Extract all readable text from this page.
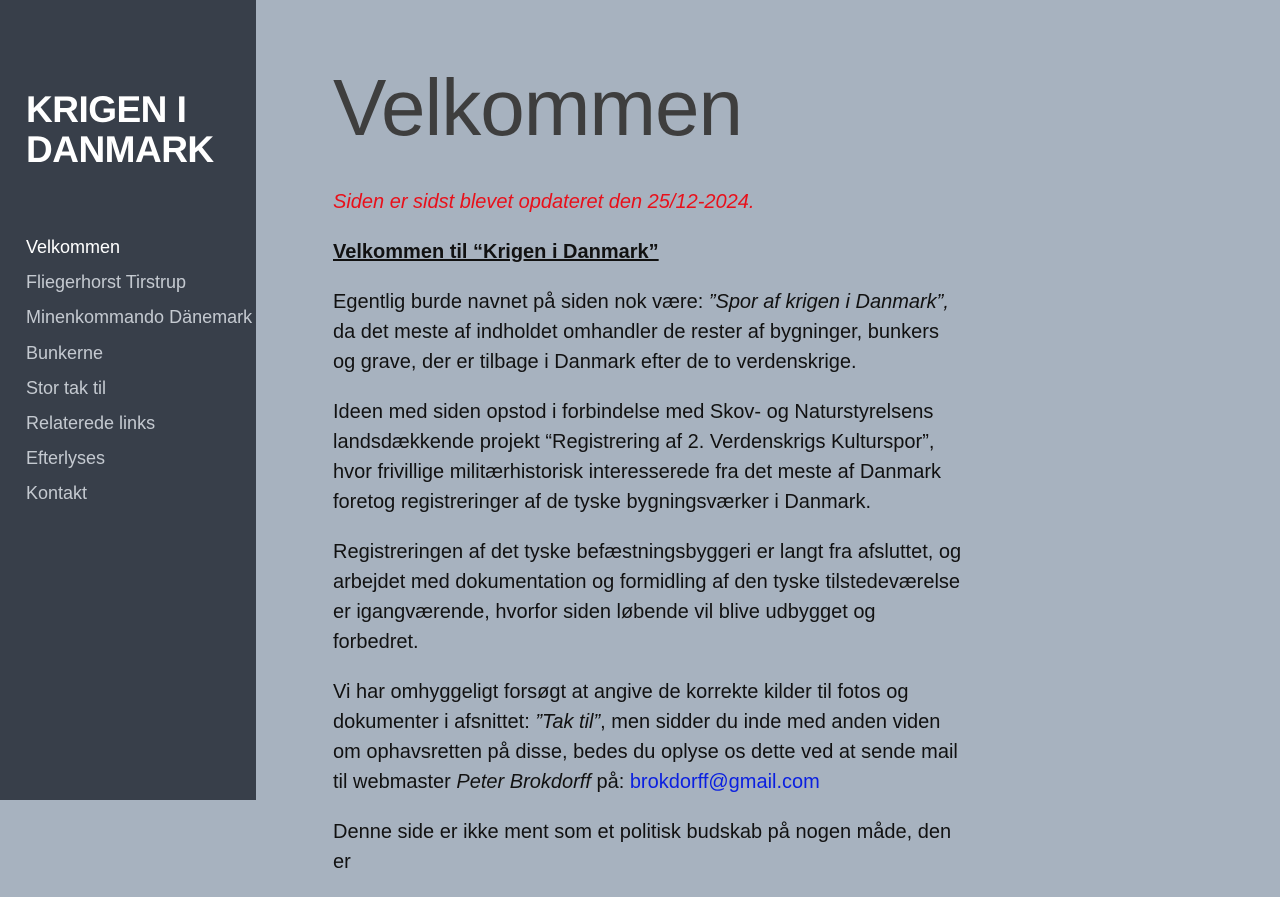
KRIGEN I DANMARK
Velkommen
Fliegerhorst Tirstrup
Minenkommando Dänemark
Bunkerne
Stor tak til
Relaterede links
Efterlyses
Kontakt
Velkommen

Siden er sidst blevet opdateret den 25/12-2024.

Velkommen til “Krigen i Danmark”

Egentlig burde navnet på siden nok være: ”Spor af krigen i Danmark”, da det meste af indholdet omhandler de rester af bygninger, bunkers og grave, der er tilbage i Danmark efter de to verdenskrige.

Ideen med siden opstod i forbindelse med Skov- og Naturstyrelsens landsdækkende projekt “Registrering af 2. Verdenskrigs Kulturspor”, hvor frivillige militærhistorisk interesserede fra det meste af Danmark foretog registreringer af de tyske bygningsværker i Danmark.

Registreringen af det tyske befæstningsbyggeri er langt fra afsluttet, og arbejdet med dokumentation og formidling af den tyske tilstedeværelse er igangværende, hvorfor siden løbende vil blive udbygget og forbedret.

Vi har omhyggeligt forsøgt at angive de korrekte kilder til fotos og dokumenter i afsnittet: ”Tak til”, men sidder du inde med anden viden om ophavsretten på disse, bedes du oplyse os dette ved at sende mail til webmaster Peter Brokdorff på: brokdorff@gmail.com

Denne side er ikke ment som et politisk budskab på nogen måde, den er
